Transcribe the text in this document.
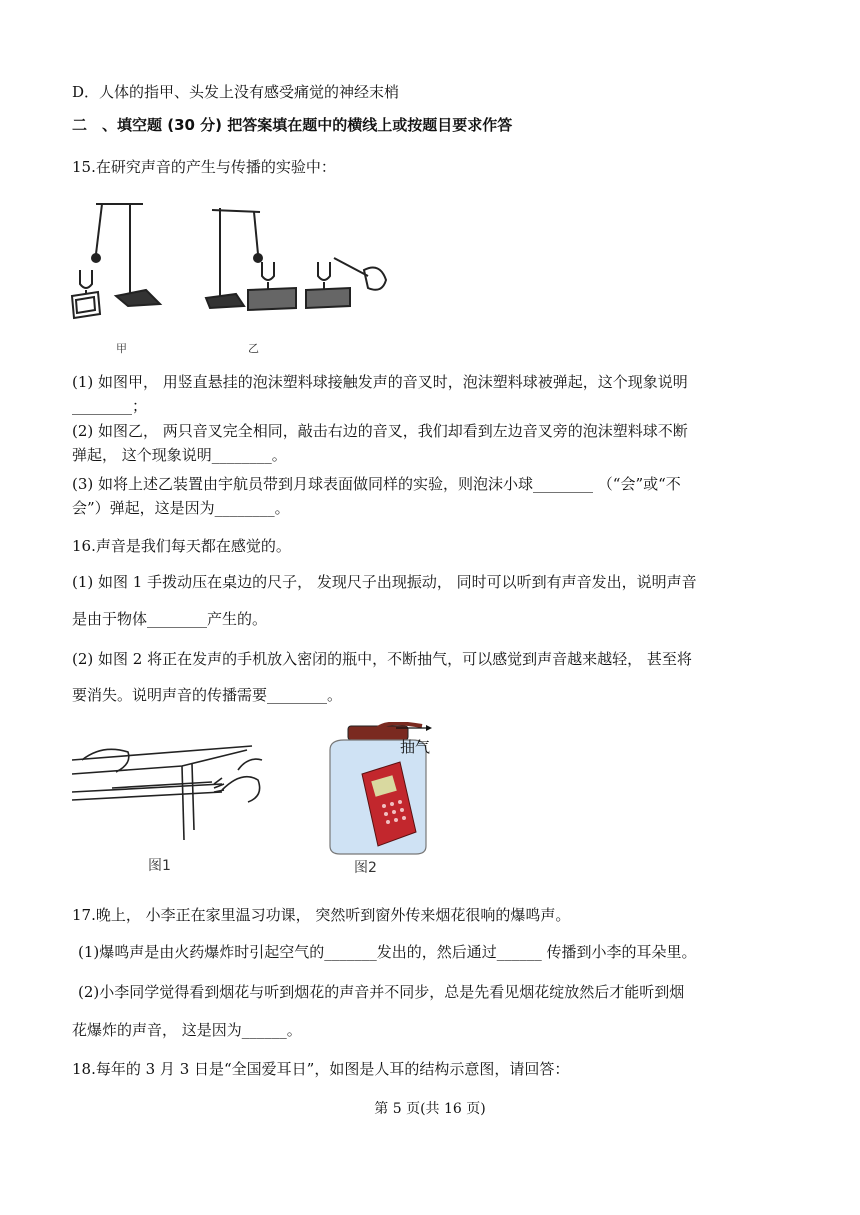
D．人体的指甲、头发上没有感受痛觉的神经末梢
二　、填空题 (30 分) 把答案填在题中的横线上或按题目要求作答
15.在研究声音的产生与传播的实验中：
甲	乙
(1) 如图甲， 用竖直悬挂的泡沫塑料球接触发声的音叉时，泡沫塑料球被弹起，这个现象说明
________；
(2) 如图乙， 两只音叉完全相同，敲击右边的音叉，我们却看到左边音叉旁的泡沫塑料球不断
弹起， 这个现象说明________。
(3) 如将上述乙装置由宇航员带到月球表面做同样的实验，则泡沫小球________ （“会”或“不
会”）弹起，这是因为________。
16.声音是我们每天都在感觉的。
(1) 如图 1 手拨动压在桌边的尺子， 发现尺子出现振动， 同时可以听到有声音发出，说明声音
是由于物体________产生的。
(2) 如图 2 将正在发声的手机放入密闭的瓶中，不断抽气，可以感觉到声音越来越轻， 甚至将
要消失。说明声音的传播需要________。
图1
抽气
图2
17.晚上， 小李正在家里温习功课， 突然听到窗外传来烟花很响的爆鸣声。
(1)爆鸣声是由火药爆炸时引起空气的_______发出的，然后通过______ 传播到小李的耳朵里。
(2)小李同学觉得看到烟花与听到烟花的声音并不同步，总是先看见烟花绽放然后才能听到烟
花爆炸的声音， 这是因为______。
18.每年的 3 月 3 日是“全国爱耳日”，如图是人耳的结构示意图，请回答：
第 5 页(共 16 页)
